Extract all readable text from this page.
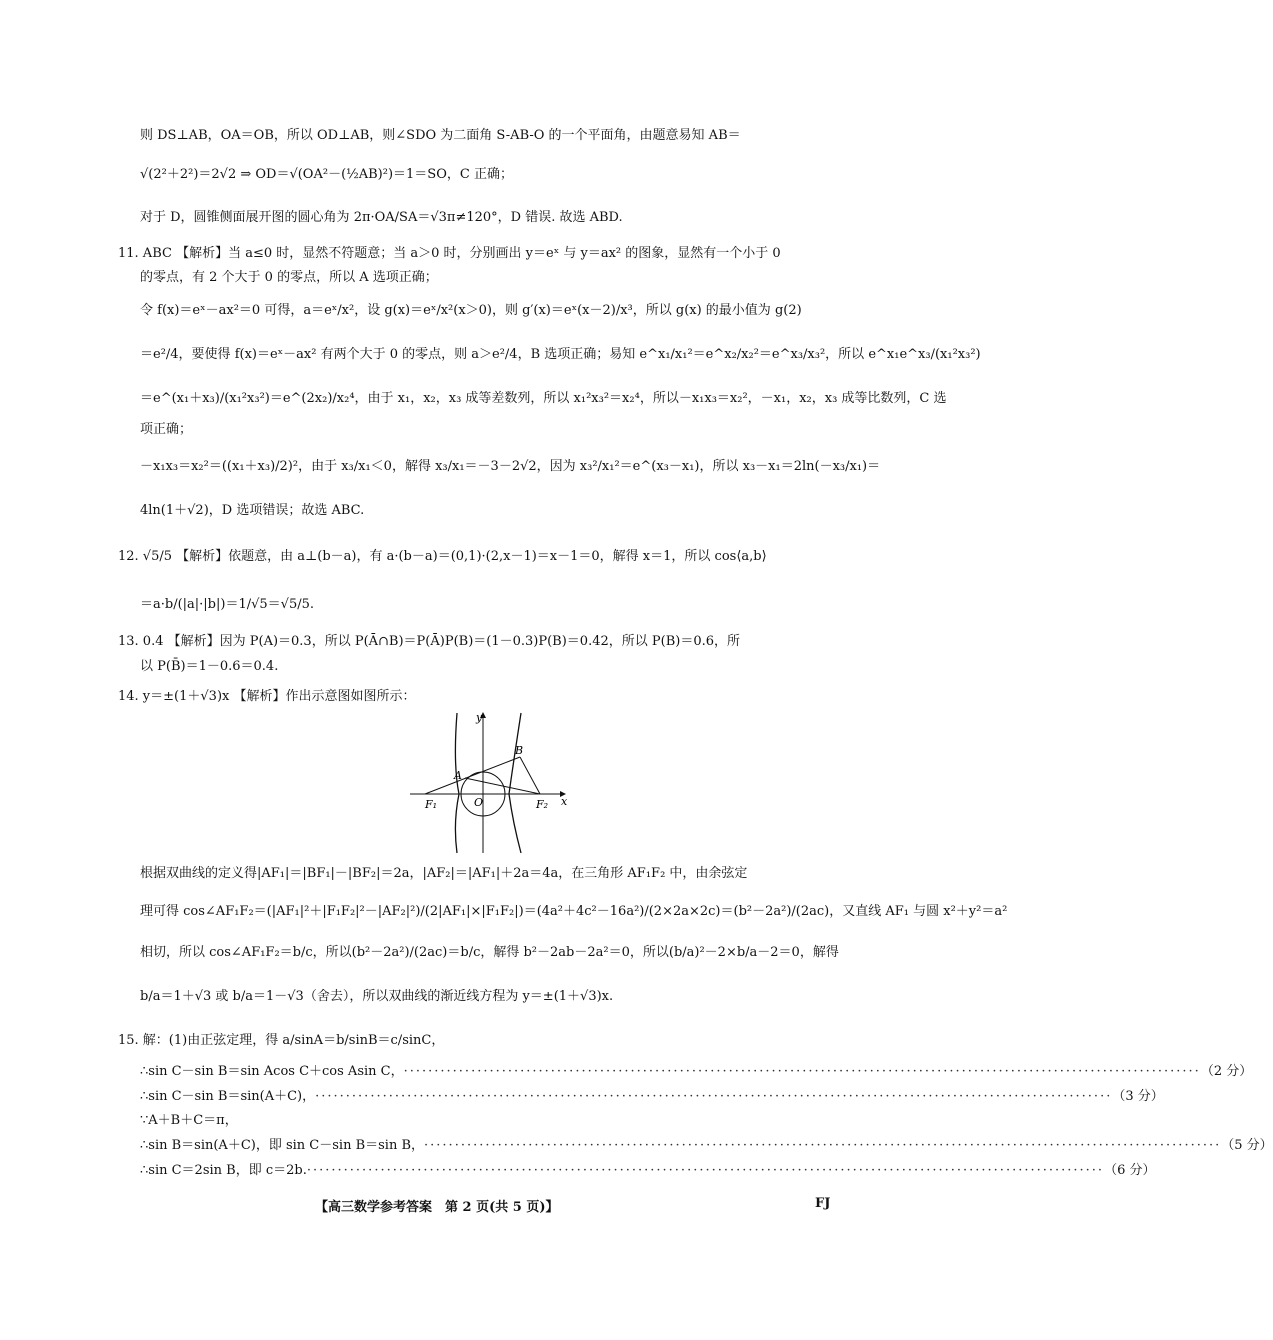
则 DS⊥AB，OA＝OB，所以 OD⊥AB，则∠SDO 为二面角 S-AB-O 的一个平面角，由题意易知 AB＝
√(2²＋2²)＝2√2 ⇒ OD＝√(OA²－(½AB)²)＝1＝SO，C 正确；
对于 D，圆锥侧面展开图的圆心角为 2π·OA/SA＝√3π≠120°，D 错误. 故选 ABD.
11. ABC 【解析】当 a≤0 时，显然不符题意；当 a＞0 时，分别画出 y＝eˣ 与 y＝ax² 的图象，显然有一个小于 0
的零点，有 2 个大于 0 的零点，所以 A 选项正确；
令 f(x)＝eˣ－ax²＝0 可得，a＝eˣ/x²，设 g(x)＝eˣ/x²(x＞0)，则 g′(x)＝eˣ(x－2)/x³，所以 g(x) 的最小值为 g(2)
＝e²/4，要使得 f(x)＝eˣ－ax² 有两个大于 0 的零点，则 a＞e²/4，B 选项正确；易知 e^x₁/x₁²＝e^x₂/x₂²＝e^x₃/x₃²，所以 e^x₁e^x₃/(x₁²x₃²)
＝e^(x₁＋x₃)/(x₁²x₃²)＝e^(2x₂)/x₂⁴，由于 x₁，x₂，x₃ 成等差数列，所以 x₁²x₃²＝x₂⁴，所以－x₁x₃＝x₂²，－x₁，x₂，x₃ 成等比数列，C 选
项正确；
－x₁x₃＝x₂²＝((x₁＋x₃)/2)²，由于 x₃/x₁＜0，解得 x₃/x₁＝－3－2√2，因为 x₃²/x₁²＝e^(x₃－x₁)，所以 x₃－x₁＝2ln(－x₃/x₁)＝
4ln(1＋√2)，D 选项错误；故选 ABC.
12. √5/5 【解析】依题意，由 a⊥(b－a)，有 a·(b－a)＝(0,1)·(2,x－1)＝x－1＝0，解得 x＝1，所以 cos⟨a,b⟩
＝a·b/(|a|·|b|)＝1/√5＝√5/5.
13. 0.4 【解析】因为 P(A)＝0.3，所以 P(Ā∩B)＝P(Ā)P(B)＝(1－0.3)P(B)＝0.42，所以 P(B)＝0.6，所
以 P(B̄)＝1－0.6＝0.4.
14. y＝±(1＋√3)x 【解析】作出示意图如图所示：
y
x
O
A
B
F₁	F₂
根据双曲线的定义得|AF₁|＝|BF₁|－|BF₂|＝2a，|AF₂|＝|AF₁|＋2a＝4a，在三角形 AF₁F₂ 中，由余弦定
理可得 cos∠AF₁F₂＝(|AF₁|²＋|F₁F₂|²－|AF₂|²)/(2|AF₁|×|F₁F₂|)＝(4a²＋4c²－16a²)/(2×2a×2c)＝(b²－2a²)/(2ac)，又直线 AF₁ 与圆 x²＋y²＝a²
相切，所以 cos∠AF₁F₂＝b/c，所以(b²－2a²)/(2ac)＝b/c，解得 b²－2ab－2a²＝0，所以(b/a)²－2×b/a－2＝0，解得
b/a＝1＋√3 或 b/a＝1－√3（舍去），所以双曲线的渐近线方程为 y＝±(1＋√3)x.
15. 解：(1)由正弦定理，得 a/sinA＝b/sinB＝c/sinC，
∴sin C－sin B＝sin Acos C＋cos Asin C， ·····	（2 分）
∴sin C－sin B＝sin(A＋C)， ·····	（3 分）
∵A＋B＋C＝π，
∴sin B＝sin(A＋C)，即 sin C－sin B＝sin B， ·····	（5 分）
∴sin C＝2sin B，即 c＝2b. ·····	（6 分）
【高三数学参考答案　第 2 页(共 5 页)】	FJ
